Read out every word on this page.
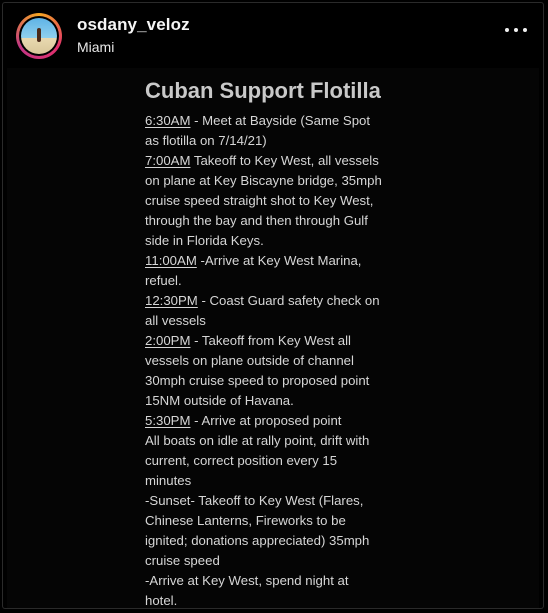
osdany_veloz
Miami
Cuban Support Flotilla
6:30AM - Meet at Bayside (Same Spot
as flotilla on 7/14/21)
7:00AM Takeoff to Key West, all vessels
on plane at Key Biscayne bridge, 35mph
cruise speed straight shot to Key West,
through the bay and then through Gulf
side in Florida Keys.
11:00AM -Arrive at Key West Marina,
refuel.
12:30PM - Coast Guard safety check on
all vessels
2:00PM - Takeoff from Key West all
vessels on plane outside of channel
30mph cruise speed to proposed point
15NM outside of Havana.
5:30PM - Arrive at proposed point
All boats on idle at rally point, drift with
current, correct position every 15
minutes
-Sunset- Takeoff to Key West (Flares,
Chinese Lanterns, Fireworks to be
ignited; donations appreciated) 35mph
cruise speed
-Arrive at Key West, spend night at
hotel.
